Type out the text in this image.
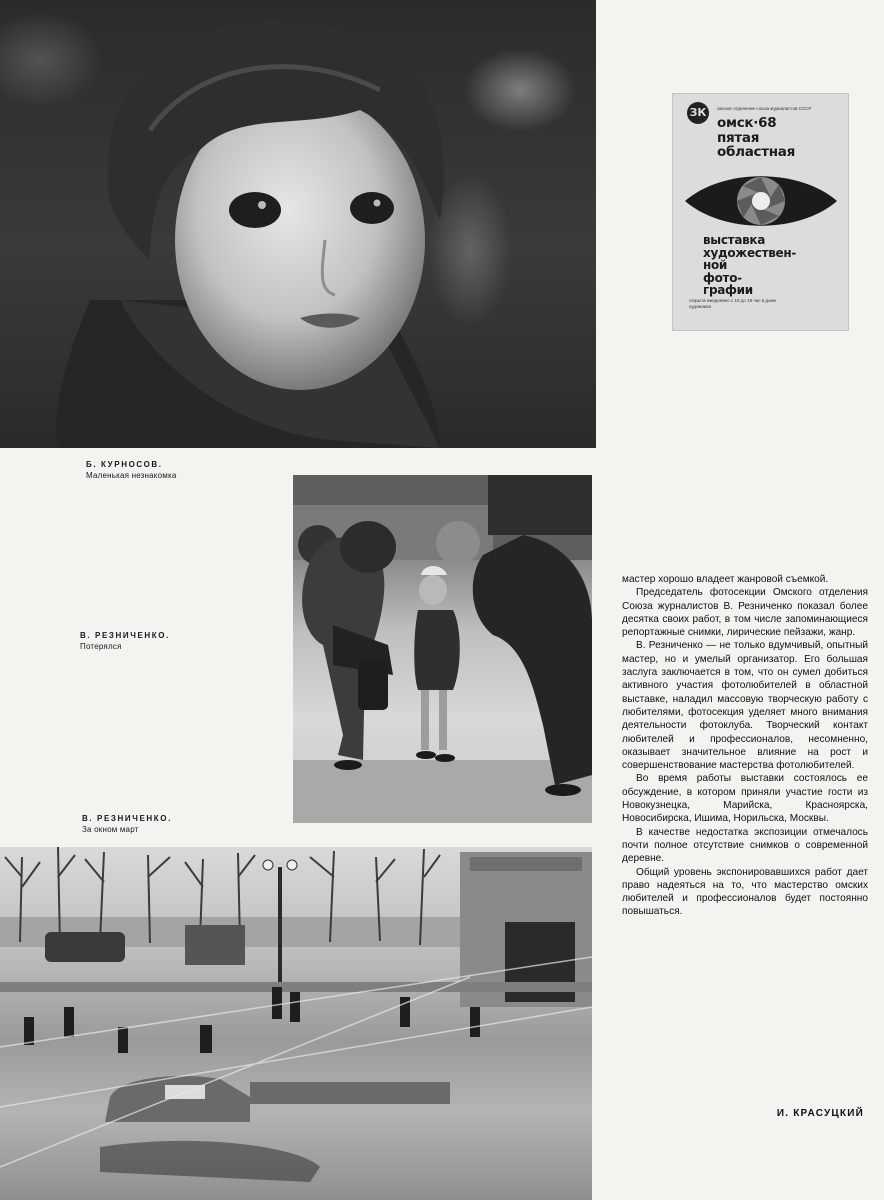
ЗК	омское отделение союза журналистов СССР
омск·68
пятая
областная
выставка
художествен-
ной
фото-
графии
открыта ежедневно с 10 до 19 час в доме художника
Б. КУРНОСОВ.
Маленькая незнакомка
В. РЕЗНИЧЕНКО.
Потерялся
В. РЕЗНИЧЕНКО.
За окном март

мастер хорошо владеет жанровой съемкой.

Председатель фотосекции Омского отделения Союза журналистов В. Резниченко показал более десятка своих работ, в том числе запоминающиеся репортажные снимки, лирические пейзажи, жанр.

В. Резниченко — не только вдумчивый, опытный мастер, но и умелый организатор. Его большая заслуга заключается в том, что он сумел добиться активного участия фотолюбителей в областной выставке, наладил массовую творческую работу с любителями, фотосекция уделяет много внимания деятельности фотоклуба. Творческий контакт любителей и профессионалов, несомненно, оказывает значительное влияние на рост и совершенствование мастерства фотолюбителей.

Во время работы выставки состоялось ее обсуждение, в котором приняли участие гости из Новокузнецка, Марийска, Красноярска, Новосибирска, Ишима, Норильска, Москвы.

В качестве недостатка экспозиции отмечалось почти полное отсутствие снимков о современной деревне.

Общий уровень экспонировавшихся работ дает право надеяться на то, что мастерство омских любителей и профессионалов будет постоянно повышаться.

И. КРАСУЦКИЙ
